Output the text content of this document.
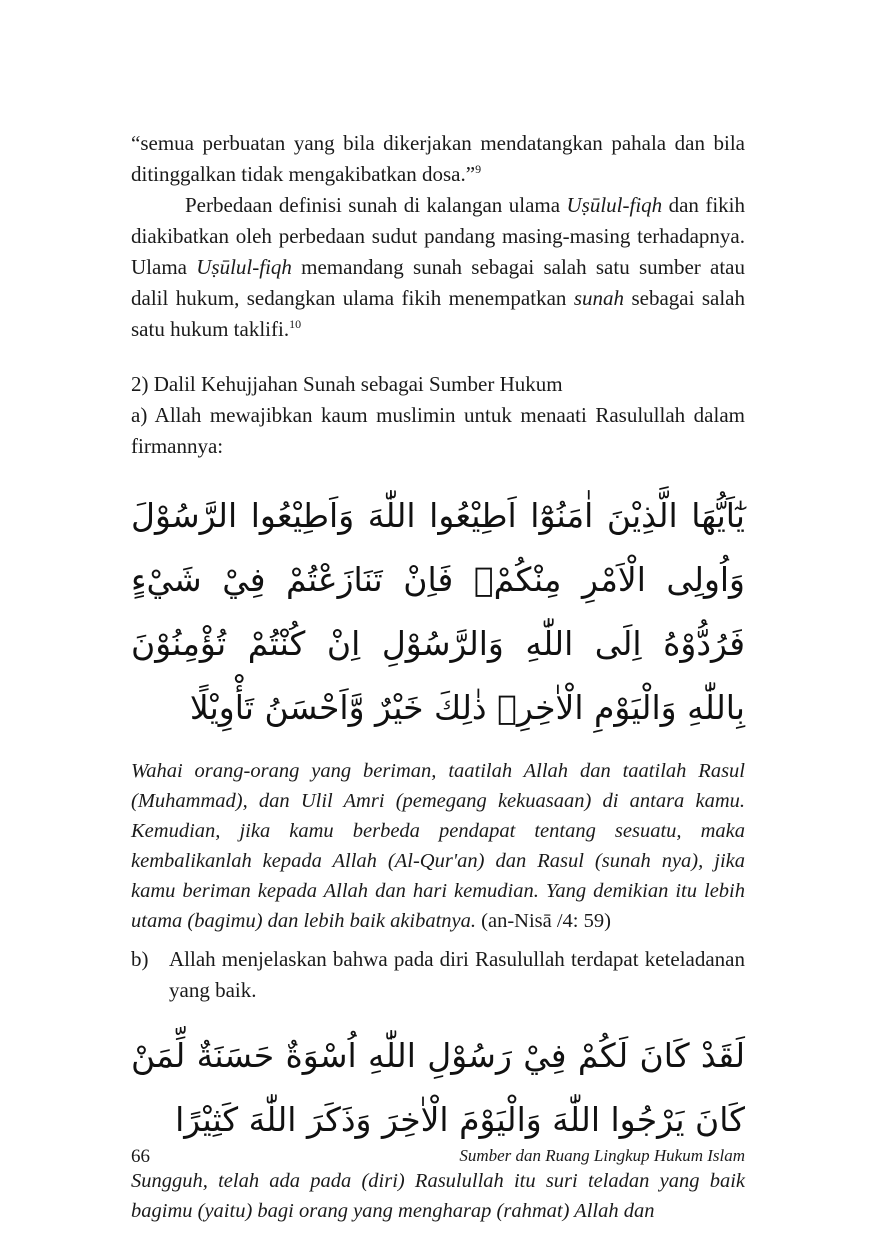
“semua perbuatan yang bila dikerjakan mendatangkan pahala dan bila ditinggalkan tidak mengakibatkan dosa.”$^9$

Perbedaan definisi sunah di kalangan ulama Uṣūlul-fiqh dan fikih diakibatkan oleh perbedaan sudut pandang masing-masing terhadapnya. Ulama Uṣūlul-fiqh memandang sunah sebagai salah satu sumber atau dalil hukum, sedangkan ulama fikih menempatkan sunah sebagai salah satu hukum taklifi.$^{10}$

2) Dalil Kehujjahan Sunah sebagai Sumber Hukum

a) Allah mewajibkan kaum muslimin untuk menaati Rasulullah dalam firmannya:

يٰٓاَيُّهَا الَّذِيْنَ اٰمَنُوْٓا اَطِيْعُوا اللّٰهَ وَاَطِيْعُوا الرَّسُوْلَ وَاُولِى الْاَمْرِ مِنْكُمْۚ فَاِنْ تَنَازَعْتُمْ فِيْ شَيْءٍ فَرُدُّوْهُ اِلَى اللّٰهِ وَالرَّسُوْلِ اِنْ كُنْتُمْ تُؤْمِنُوْنَ بِاللّٰهِ وَالْيَوْمِ الْاٰخِرِۗ ذٰلِكَ خَيْرٌ وَّاَحْسَنُ تَأْوِيْلًا

Wahai orang-orang yang beriman, taatilah Allah dan taatilah Rasul (Muhammad), dan Ulil Amri (pemegang kekuasaan) di antara kamu. Kemudian, jika kamu berbeda pendapat tentang sesuatu, maka kembalikanlah kepada Allah (Al-Qur'an) dan Rasul (sunah nya), jika kamu beriman kepada Allah dan hari kemudian. Yang demikian itu lebih utama (bagimu) dan lebih baik akibatnya. (an-Nisā /4: 59)

b) Allah menjelaskan bahwa pada diri Rasulullah terdapat keteladanan yang baik.
لَقَدْ كَانَ لَكُمْ فِيْ رَسُوْلِ اللّٰهِ اُسْوَةٌ حَسَنَةٌ لِّمَنْ كَانَ يَرْجُوا اللّٰهَ وَالْيَوْمَ الْاٰخِرَ وَذَكَرَ اللّٰهَ كَثِيْرًا

Sungguh, telah ada pada (diri) Rasulullah itu suri teladan yang baik bagimu (yaitu) bagi orang yang mengharap (rahmat) Allah dan

66	Sumber dan Ruang Lingkup Hukum Islam
